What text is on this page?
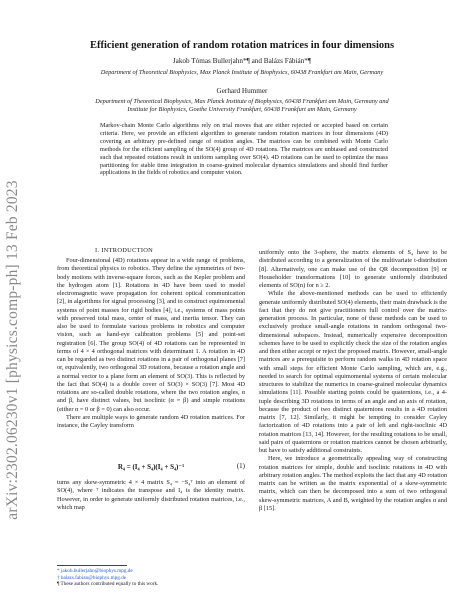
arXiv:2302.06230v1 [physics.comp-ph] 13 Feb 2023
Efficient generation of random rotation matrices in four dimensions
Jakob Tómas Bullerjahn*¶ and Balázs Fábián*¶
Department of Theoretical Biophysics, Max Planck Institute of Biophysics, 60438 Frankfurt am Main, Germany
Gerhard Hummer
Department of Theoretical Biophysics, Max Planck Institute of Biophysics, 60438 Frankfurt am Main, Germany and
Institute for Biophysics, Goethe University Frankfurt, 60438 Frankfurt am Main, Germany
Markov-chain Monte Carlo algorithms rely on trial moves that are either rejected or accepted based on certain criteria. Here, we provide an efficient algorithm to generate random rotation matrices in four dimensions (4D) covering an arbitrary pre-defined range of rotation angles. The matrices can be combined with Monte Carlo methods for the efficient sampling of the SO(4) group of 4D rotations. The matrices are unbiased and constructed such that repeated rotations result in uniform sampling over SO(4). 4D rotations can be used to optimize the mass partitioning for stable time integration in coarse-grained molecular dynamics simulations and should find further applications in the fields of robotics and computer vision.
I. INTRODUCTION

Four-dimensional (4D) rotations appear in a wide range of problems, from theoretical physics to robotics. They define the symmetries of two-body motions with inverse-square forces, such as the Kepler problem and the hydrogen atom [1]. Rotations in 4D have been used to model electromagnetic wave propagation for coherent optical communication [2], in algorithms for signal processing [3], and to construct equimomental systems of point masses for rigid bodies [4], i.e., systems of mass points with preserved total mass, center of mass, and inertia tensor. They can also be used to formulate various problems in robotics and computer vision, such as hand-eye calibration problems [5] and point-set registration [6]. The group SO(4) of 4D rotations can be represented in terms of 4 × 4 orthogonal matrices with determinant 1. A rotation in 4D can be regarded as two distinct rotations in a pair of orthogonal planes [7] or, equivalently, two orthogonal 3D rotations, because a rotation angle and a normal vector to a plane form an element of SO(3). This is reflected by the fact that SO(4) is a double cover of SO(3) × SO(3) [7]. Most 4D rotations are so-called double rotations, where the two rotation angles, α and β, have distinct values, but isoclinic (α = β) and simple rotations (either α = 0 or β = 0) can also occur.

There are multiple ways to generate random 4D rotation matrices. For instance, the Cayley transform

R₄ = (I₄ + S₄)(I₄ + S₄)⁻¹	(1)

turns any skew-symmetric 4 × 4 matrix S₄ = −S₄ᵀ into an element of SO(4), where ᵀ indicates the transpose and I₄ is the identity matrix. However, in order to generate uniformly distributed rotation matrices, i.e., which map

uniformly onto the 3-sphere, the matrix elements of S₄ have to be distributed according to a generalization of the multivariate t-distribution [8]. Alternatively, one can make use of the QR decomposition [9] or Householder transformations [10] to generate uniformly distributed elements of SO(n) for n ≥ 2.

While the above-mentioned methods can be used to efficiently generate uniformly distributed SO(4) elements, their main drawback is the fact that they do not give practitioners full control over the matrix-generation process. In particular, none of these methods can be used to exclusively produce small-angle rotations in random orthogonal two-dimensional subspaces. Instead, numerically expensive decomposition schemes have to be used to explicitly check the size of the rotation angles and then either accept or reject the proposed matrix. However, small-angle matrices are a prerequisite to perform random walks in 4D rotation space with small steps for efficient Monte Carlo sampling, which are, e.g., needed to search for optimal equimomental systems of certain molecular structures to stabilize the numerics in coarse-grained molecular dynamics simulations [11]. Possible starting points could be quaternions, i.e., a 4-tuple describing 3D rotations in terms of an angle and an axis of rotation, because the product of two distinct quaternions results in a 4D rotation matrix [7, 12]. Similarly, it might be tempting to consider Cayley factorization of 4D rotations into a pair of left and right-isoclinic 4D rotation matrices [13, 14]. However, for the resulting rotations to be small, said pairs of quaternions or rotation matrices cannot be chosen arbitrarily, but have to satisfy additional constraints.

Here, we introduce a geometrically appealing way of constructing rotation matrices for simple, double and isoclinic rotations in 4D with arbitrary rotation angles. The method exploits the fact that any 4D rotation matrix can be written as the matrix exponential of a skew-symmetric matrix, which can then be decomposed into a sum of two orthogonal skew-symmetric matrices, A and B, weighted by the rotation angles α and β [15].

* jakob.bullerjahn@biophys.mpg.de
† balazs.fabian@biophys.mpg.de
¶ These authors contributed equally to this work.
